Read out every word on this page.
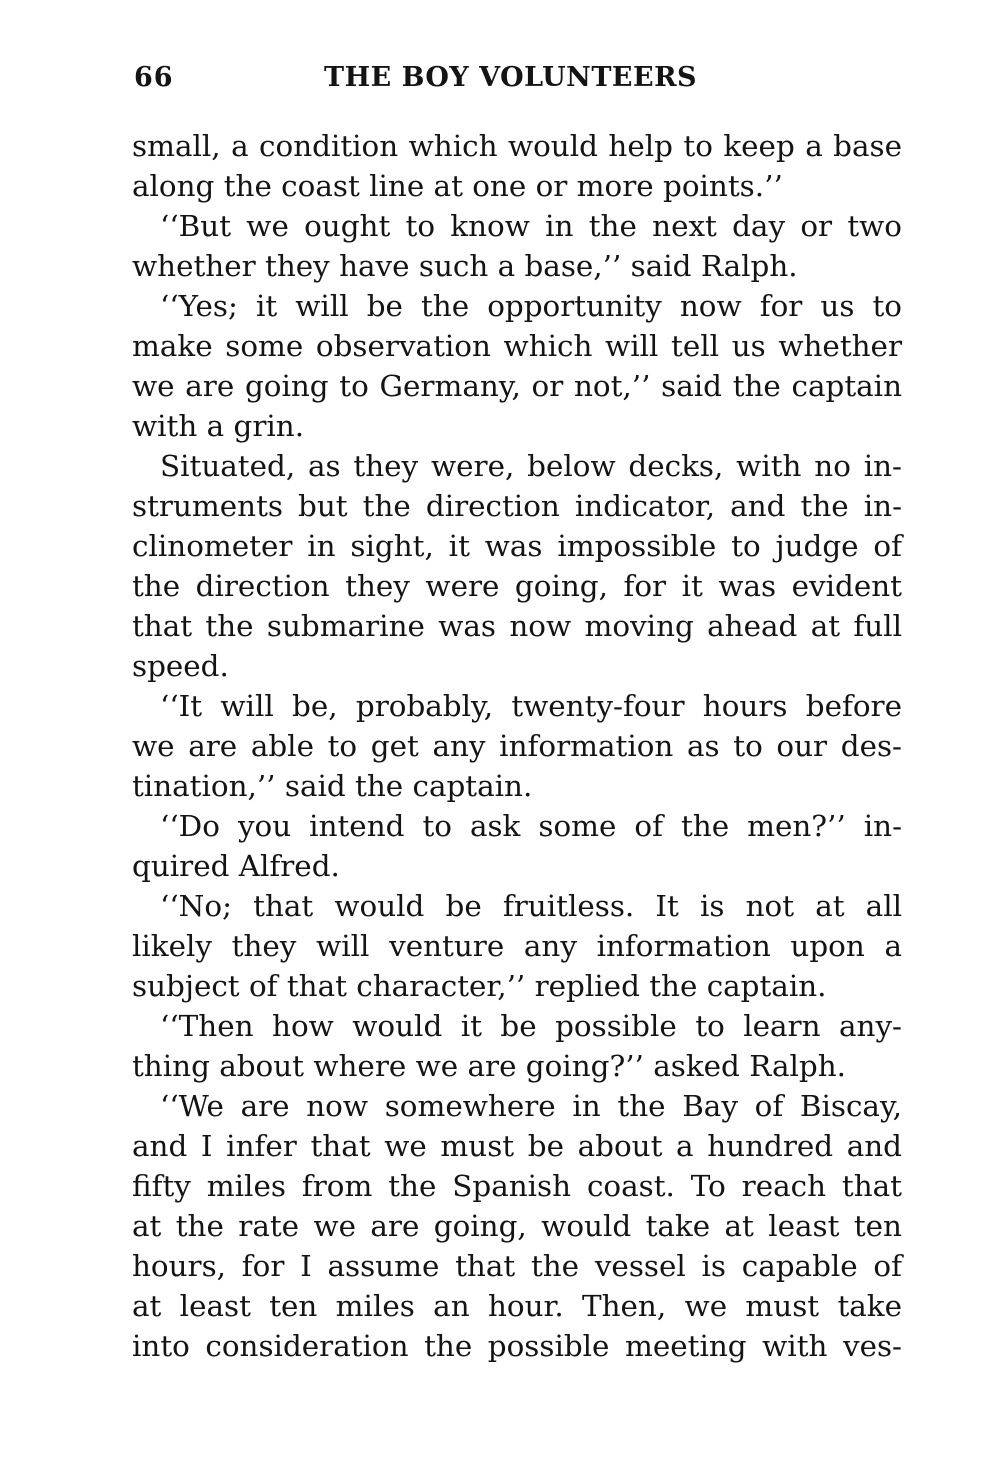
66	THE BOY VOLUNTEERS
small, a condition which would help to keep a base
along the coast line at one or more points.’’
‘‘But we ought to know in the next day or two
whether they have such a base,’’ said Ralph.
‘‘Yes; it will be the opportunity now for us to
make some observation which will tell us whether
we are going to Germany, or not,’’ said the captain
with a grin.
Situated, as they were, below decks, with no in-
struments but the direction indicator, and the in-
clinometer in sight, it was impossible to judge of
the direction they were going, for it was evident
that the submarine was now moving ahead at full
speed.
‘‘It will be, probably, twenty-four hours before
we are able to get any information as to our des-
tination,’’ said the captain.
‘‘Do you intend to ask some of the men?’’ in-
quired Alfred.
‘‘No; that would be fruitless. It is not at all
likely they will venture any information upon a
subject of that character,’’ replied the captain.
‘‘Then how would it be possible to learn any-
thing about where we are going?’’ asked Ralph.
‘‘We are now somewhere in the Bay of Biscay,
and I infer that we must be about a hundred and
fifty miles from the Spanish coast. To reach that
at the rate we are going, would take at least ten
hours, for I assume that the vessel is capable of
at least ten miles an hour. Then, we must take
into consideration the possible meeting with ves-
